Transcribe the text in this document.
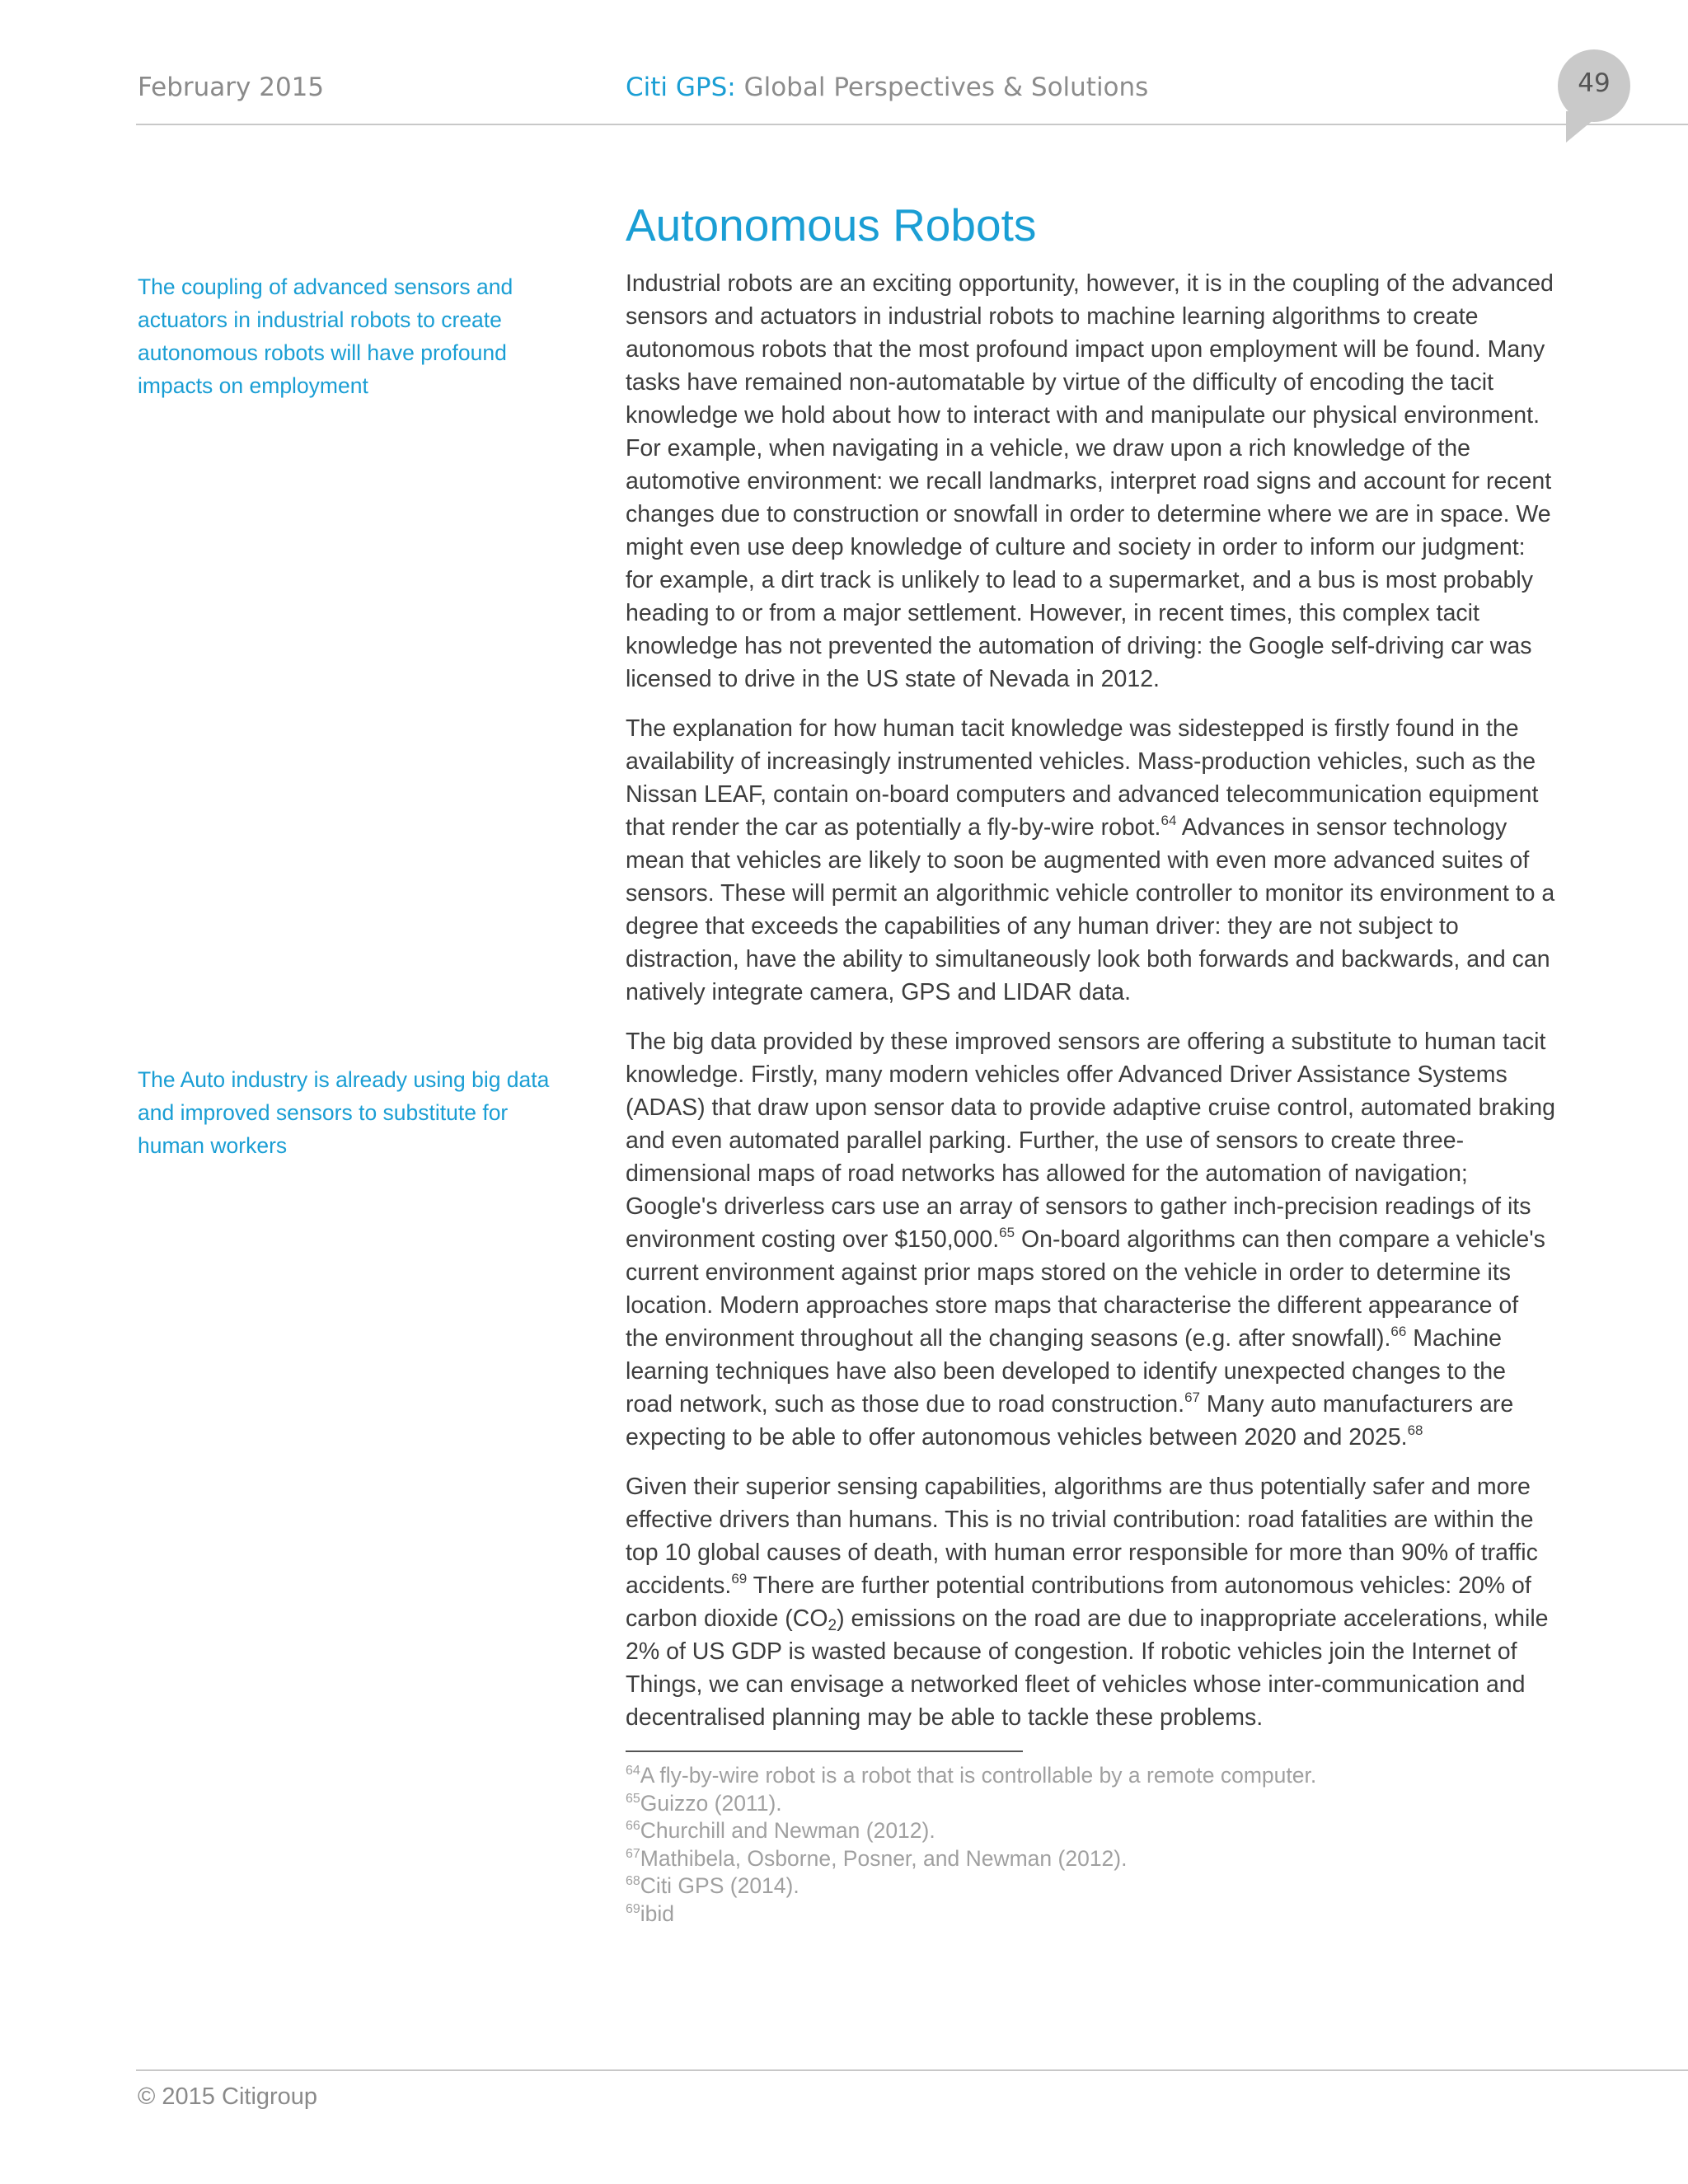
February 2015	Citi GPS: Global Perspectives & Solutions	49
The coupling of advanced sensors and actuators in industrial robots to create autonomous robots will have profound impacts on employment
The Auto industry is already using big data and improved sensors to substitute for human workers
Autonomous Robots

Industrial robots are an exciting opportunity, however, it is in the coupling of the advanced sensors and actuators in industrial robots to machine learning algorithms to create autonomous robots that the most profound impact upon employment will be found. Many tasks have remained non-automatable by virtue of the difficulty of encoding the tacit knowledge we hold about how to interact with and manipulate our physical environment. For example, when navigating in a vehicle, we draw upon a rich knowledge of the automotive environment: we recall landmarks, interpret road signs and account for recent changes due to construction or snowfall in order to determine where we are in space. We might even use deep knowledge of culture and society in order to inform our judgment: for example, a dirt track is unlikely to lead to a supermarket, and a bus is most probably heading to or from a major settlement. However, in recent times, this complex tacit knowledge has not prevented the automation of driving: the Google self-driving car was licensed to drive in the US state of Nevada in 2012.

The explanation for how human tacit knowledge was sidestepped is firstly found in the availability of increasingly instrumented vehicles. Mass-production vehicles, such as the Nissan LEAF, contain on-board computers and advanced telecommunication equipment that render the car as potentially a fly-by-wire robot.$^{64}$ Advances in sensor technology mean that vehicles are likely to soon be augmented with even more advanced suites of sensors. These will permit an algorithmic vehicle controller to monitor its environment to a degree that exceeds the capabilities of any human driver: they are not subject to distraction, have the ability to simultaneously look both forwards and backwards, and can natively integrate camera, GPS and LIDAR data.

The big data provided by these improved sensors are offering a substitute to human tacit knowledge. Firstly, many modern vehicles offer Advanced Driver Assistance Systems (ADAS) that draw upon sensor data to provide adaptive cruise control, automated braking and even automated parallel parking. Further, the use of sensors to create three-dimensional maps of road networks has allowed for the automation of navigation; Google's driverless cars use an array of sensors to gather inch-precision readings of its environment costing over $150,000.65 On-board algorithms can then compare a vehicle's current environment against prior maps stored on the vehicle in order to determine its location. Modern approaches store maps that characterise the different appearance of the environment throughout all the changing seasons (e.g. after snowfall).$^{66}$ Machine learning techniques have also been developed to identify unexpected changes to the road network, such as those due to road construction.$^{67}$ Many auto manufacturers are expecting to be able to offer autonomous vehicles between 2020 and 2025.68

Given their superior sensing capabilities, algorithms are thus potentially safer and more effective drivers than humans. This is no trivial contribution: road fatalities are within the top 10 global causes of death, with human error responsible for more than 90% of traffic accidents.$^{69}$ There are further potential contributions from autonomous vehicles: 20% of carbon dioxide $(CO_2)$ emissions on the road are due to inappropriate accelerations, while 2% of US GDP is wasted because of congestion. If robotic vehicles join the Internet of Things, we can envisage a networked fleet of vehicles whose inter-communication and decentralised planning may be able to tackle these problems.

$^{64}$A fly-by-wire robot is a robot that is controllable by a remote computer.
$^{65}$Guizzo (2011).
$^{66}$Churchill and Newman (2012).
$^{67}$Mathibela, Osborne, Posner, and Newman (2012).
$^{68}$Citi GPS (2014).
$^{69}$ibid
© 2015 Citigroup
